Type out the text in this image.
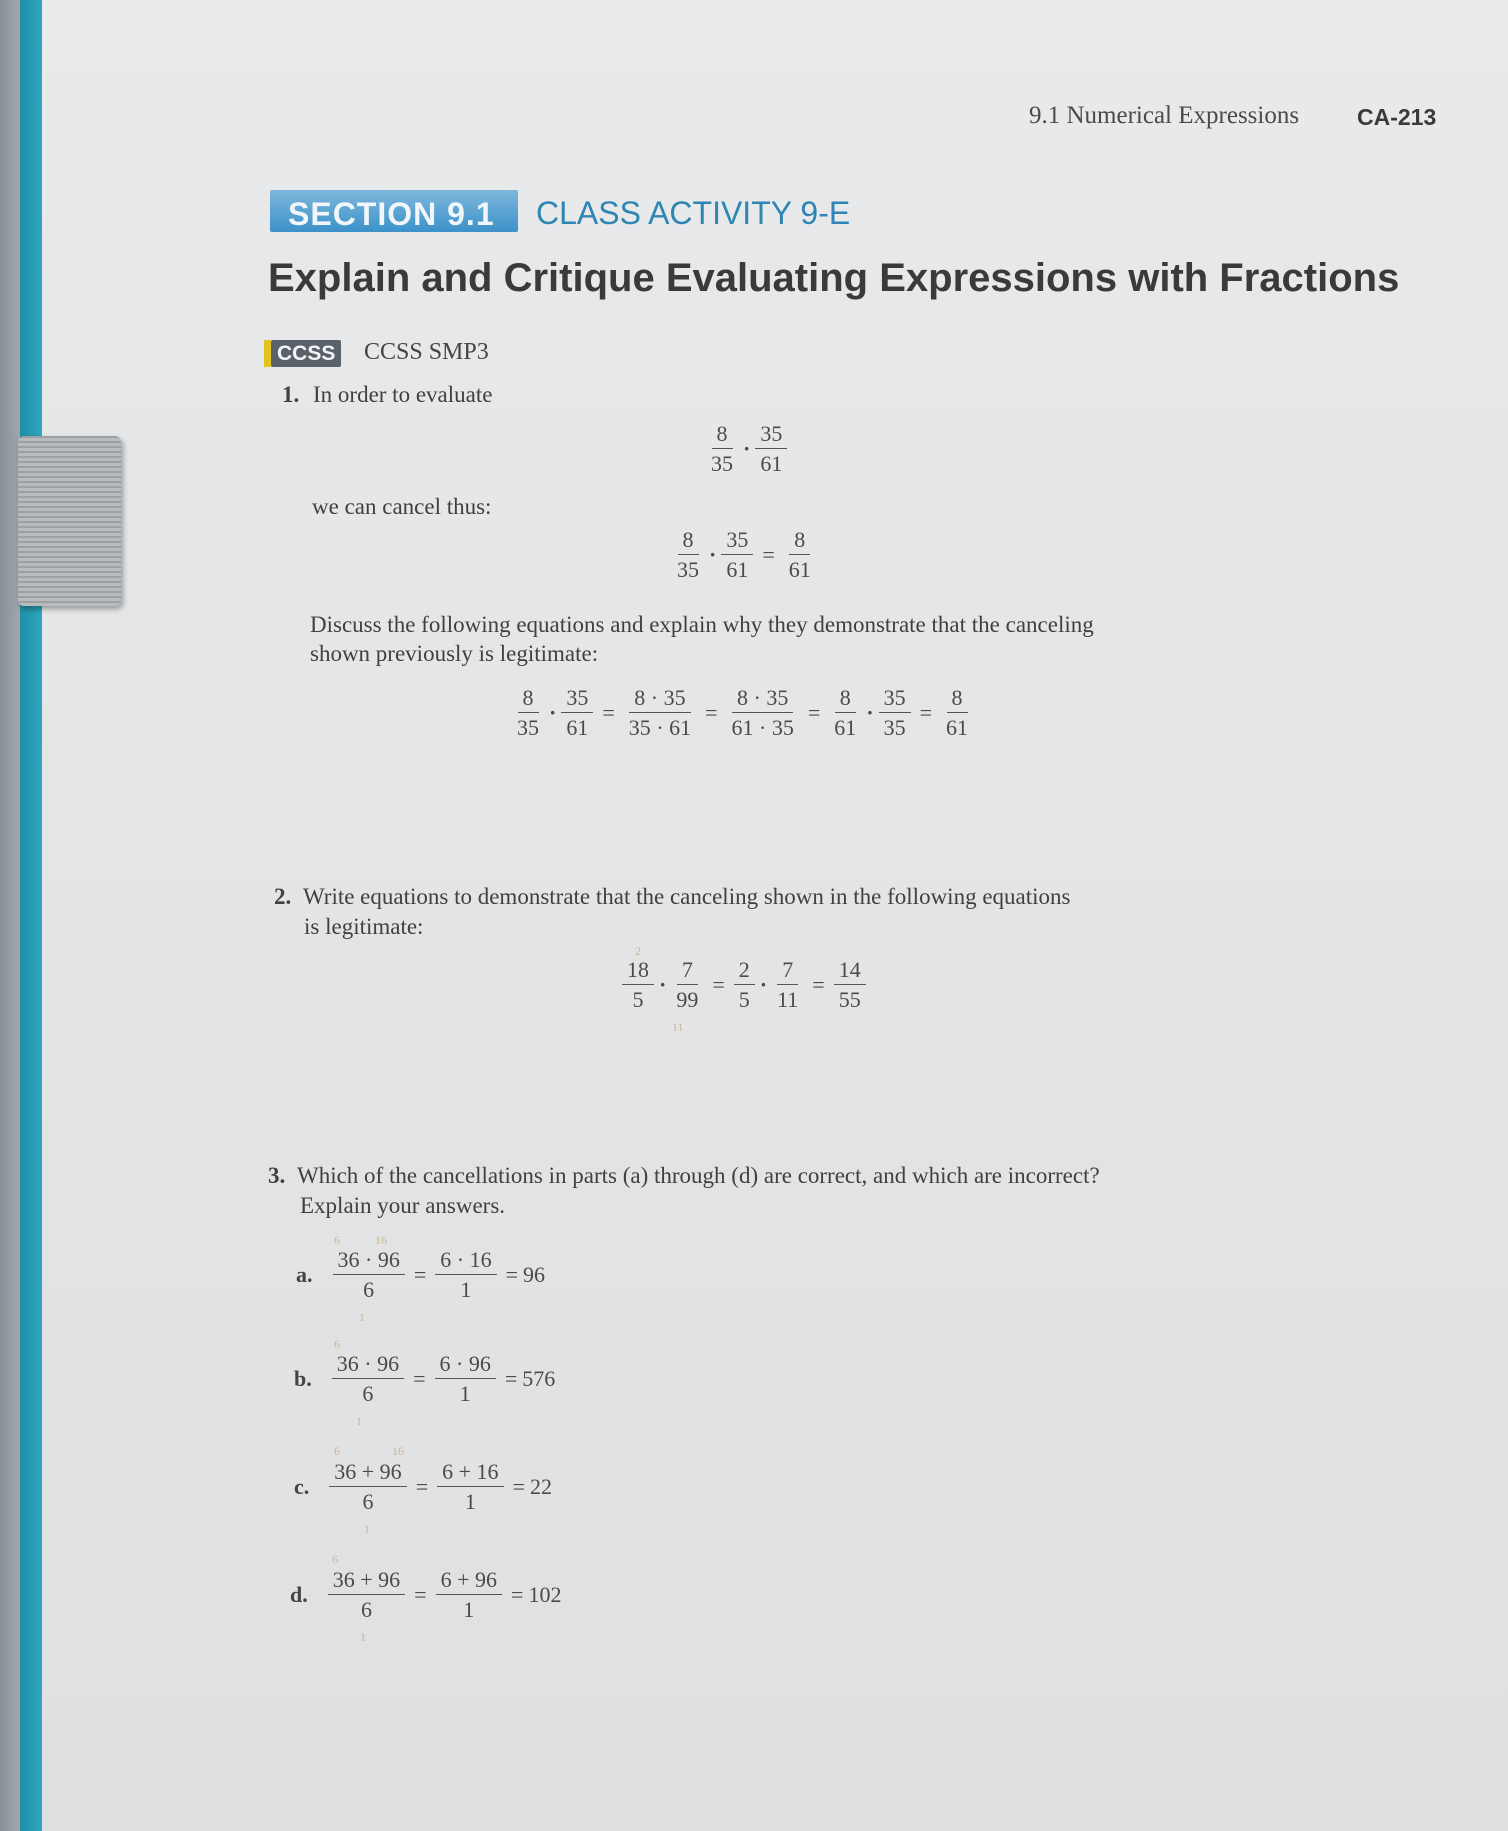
9.1 Numerical Expressions	CA-213
SECTION 9.1 CLASS ACTIVITY 9-E
Explain and Critique Evaluating Expressions with Fractions
CCSS CCSS SMP3
1. In order to evaluate
$\frac{8}{35} \cdot \frac{35}{61}$
we can cancel thus:
$\frac{8}{35} \cdot \frac{35}{61} = \frac{8}{61}$
Discuss the following equations and explain why they demonstrate that the canceling
shown previously is legitimate:
$\frac{8}{35} \cdot \frac{35}{61} = \frac{8 \cdot 35}{35 \cdot 61} = \frac{8 \cdot 35}{61 \cdot 35} = \frac{8}{61} \cdot \frac{35}{35} = \frac{8}{61}$
2. Write equations to demonstrate that the canceling shown in the following equations
is legitimate:
$\frac{18}{5} \cdot \frac{7}{99} = \frac{2}{5} \cdot \frac{7}{11} = \frac{14}{55}$
2
11
3. Which of the cancellations in parts (a) through (d) are correct, and which are incorrect?
Explain your answers.
a. $\frac{36 \cdot 96}{6} = \frac{6 \cdot 16}{1} = 96$
6	16
1
b. $\frac{36 \cdot 96}{6} = \frac{6 \cdot 96}{1} = 576$
6
1
c. $\frac{36 + 96}{6} = \frac{6 + 16}{1} = 22$
6	16
1
d. $\frac{36 + 96}{6} = \frac{6 + 96}{1} = 102$
6
1
